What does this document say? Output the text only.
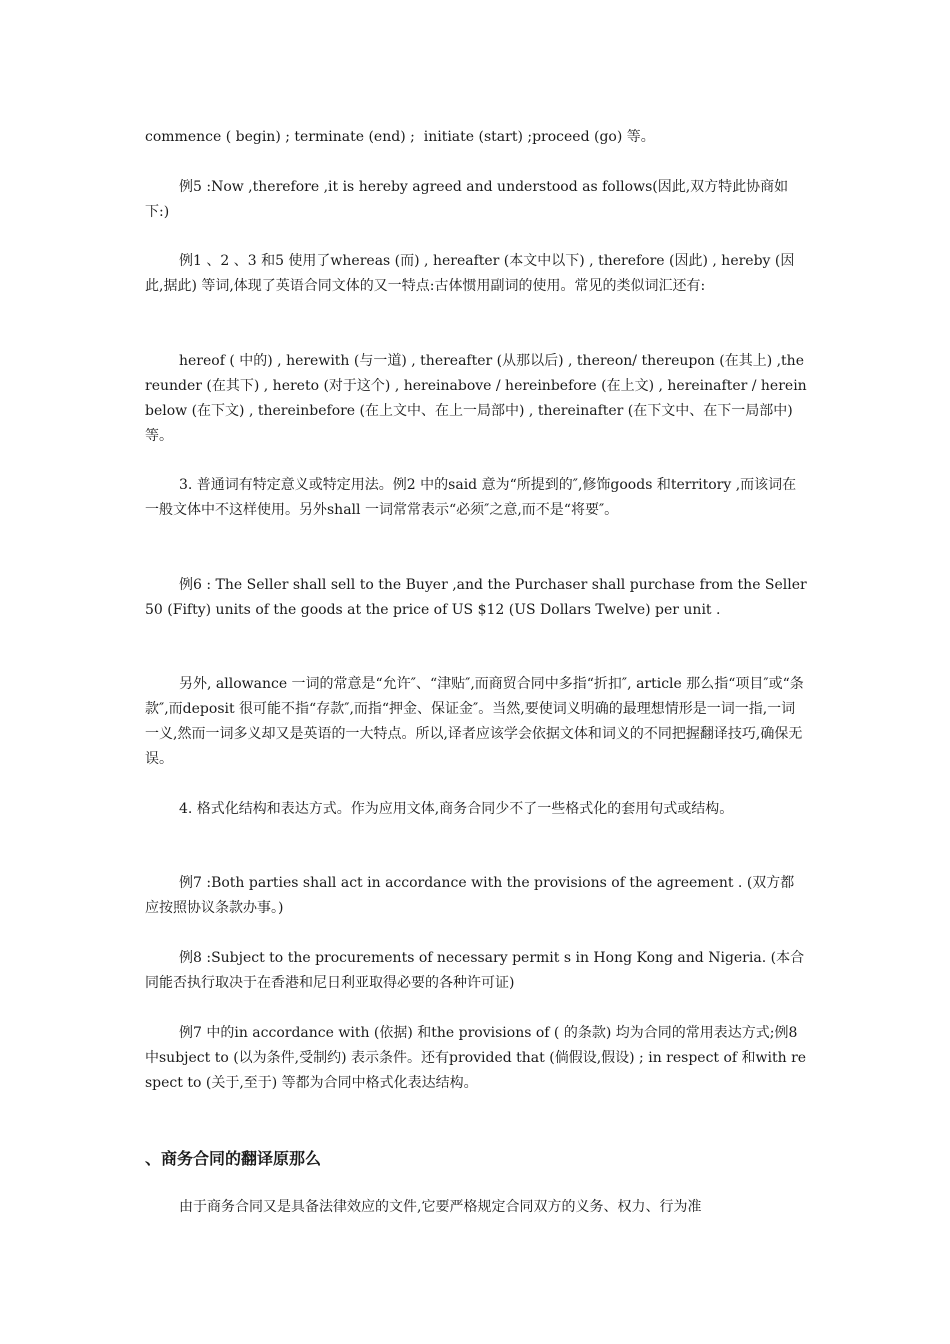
commence ( begin) ; terminate (end) ;  initiate (start) ;proceed (go) 等。

例5 :Now ,therefore ,it is hereby agreed and understood as follows(因此,双方特此协商如下:)

例1 、2 、3 和5 使用了whereas (而) , hereafter (本文中以下) , therefore (因此) , hereby (因此,据此) 等词,体现了英语合同文体的又一特点:古体惯用副词的使用。常见的类似词汇还有:

hereof ( 中的) , herewith (与一道) , thereafter (从那以后) , thereon/ thereupon (在其上) ,thereunder (在其下) , hereto (对于这个) , hereinabove / hereinbefore (在上文) , hereinafter / hereinbelow (在下文) , thereinbefore (在上文中、在上一局部中) , thereinafter (在下文中、在下一局部中) 等。

3. 普通词有特定意义或特定用法。例2 中的said 意为“所提到的″,修饰goods 和territory ,而该词在一般文体中不这样使用。另外shall 一词常常表示“必须″之意,而不是“将要″。

例6 : The Seller shall sell to the Buyer ,and the Purchaser shall purchase from the Seller 50 (Fifty) units of the goods at the price of US $12 (US Dollars Twelve) per unit .

另外, allowance 一词的常意是“允许″、“津贴″,而商贸合同中多指“折扣″, article 那么指“项目″或“条款″,而deposit 很可能不指“存款″,而指“押金、保证金″。当然,要使词义明确的最理想情形是一词一指,一词一义,然而一词多义却又是英语的一大特点。所以,译者应该学会依据文体和词义的不同把握翻译技巧,确保无误。

4. 格式化结构和表达方式。作为应用文体,商务合同少不了一些格式化的套用句式或结构。

例7 :Both parties shall act in accordance with the provisions of the agreement . (双方都应按照协议条款办事。)

例8 :Subject to the procurements of necessary permit s in Hong Kong and Nigeria. (本合同能否执行取决于在香港和尼日利亚取得必要的各种许可证)

例7 中的in accordance with (依据) 和the provisions of ( 的条款) 均为合同的常用表达方式;例8 中subject to (以为条件,受制约) 表示条件。还有provided that (倘假设,假设) ; in respect of 和with respect to (关于,至于) 等都为合同中格式化表达结构。

、商务合同的翻译原那么

由于商务合同又是具备法律效应的文件,它要严格规定合同双方的义务、权力、行为准
